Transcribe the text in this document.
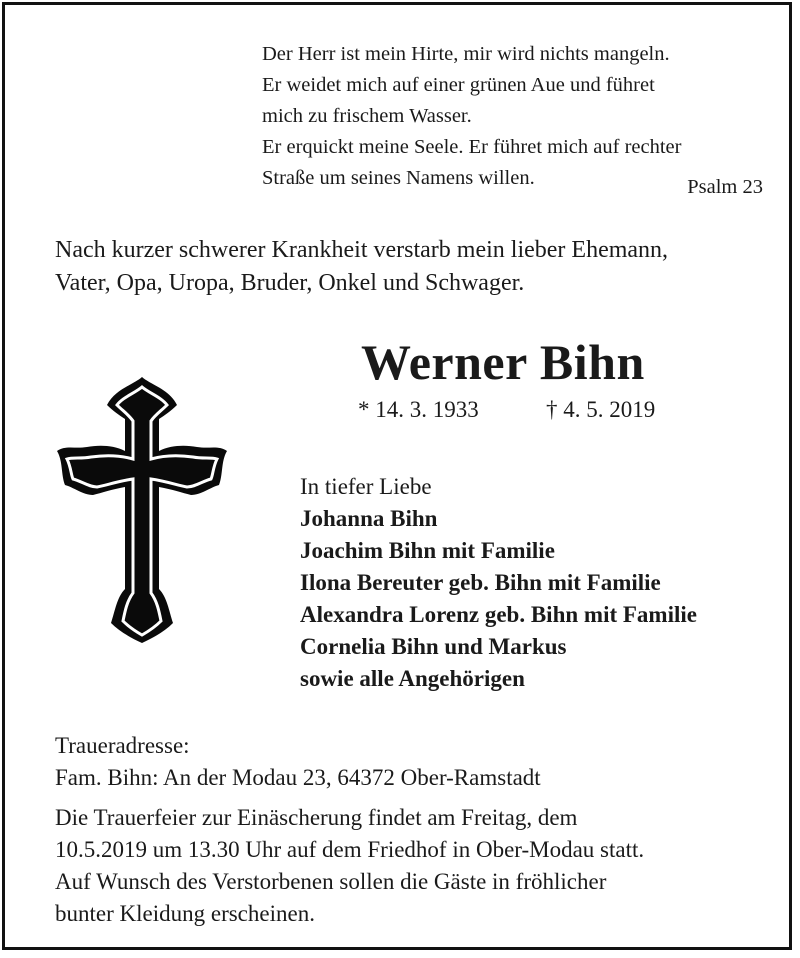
Der Herr ist mein Hirte, mir wird nichts mangeln.
Er weidet mich auf einer grünen Aue und führet
mich zu frischem Wasser.
Er erquickt meine Seele. Er führet mich auf rechter
Straße um seines Namens willen.	Psalm 23
Nach kurzer schwerer Krankheit verstarb mein lieber Ehemann,
Vater, Opa, Uropa, Bruder, Onkel und Schwager.
Werner Bihn
* 14. 3. 1933	† 4. 5. 2019
In tiefer Liebe
Johanna Bihn
Joachim Bihn mit Familie
Ilona Bereuter geb. Bihn mit Familie
Alexandra Lorenz geb. Bihn mit Familie
Cornelia Bihn und Markus
sowie alle Angehörigen
Traueradresse:
Fam. Bihn: An der Modau 23, 64372 Ober-Ramstadt
Die Trauerfeier zur Einäscherung findet am Freitag, dem
10.5.2019 um 13.30 Uhr auf dem Friedhof in Ober-Modau statt.
Auf Wunsch des Verstorbenen sollen die Gäste in fröhlicher
bunter Kleidung erscheinen.
